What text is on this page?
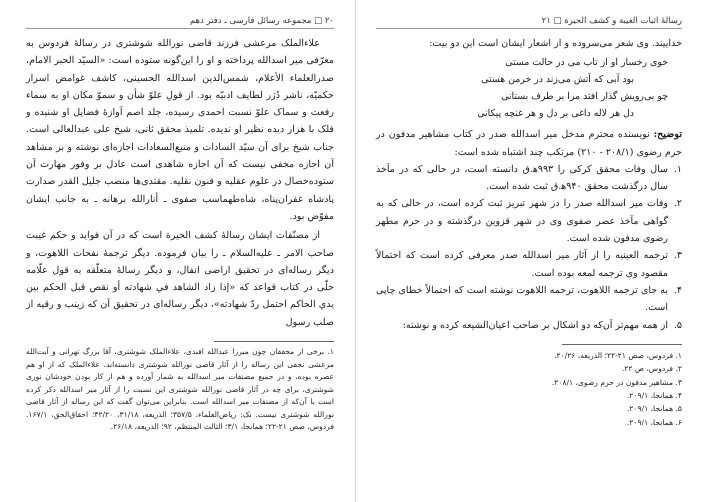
۲۰ □ مجموعه رسائل فارسی ـ دفتر دهم

علاءالملک مرعشی فرزند قاضی نورالله شوشتری در رسالهٔ فردوس به معرّفی میر اسدالله پرداخته و او را این‌گونه ستوده است: «السیّد الحبر الامام، صدرالعلماء الأعلام، شمس‌الدین اسدالله الحسینی، کاشف غوامض اسرار حکمیّه، ناشر دُرَر لطایف ادبیّه بود. از قولِ علوّ شأن و سموّ مکان او به سماء رفعت و سماک علوّ نسبت احمدی رسیده، جلد اصم آوازهٔ فضایل او شنیده و فلک با هزار دیده نظیر او ندیده. تلمیذ محقق ثانی، شیخ علی عبدالعالی است. جناب شیخ برای آن سیّد السادات و منبع‌السعادات اجازه‌ای نوشته و بر مشاهد آن اجازه مخفی نیست که آن اجازه شاهدی است عادل بر وفور مهارت آن ستوده‌خصال در علوم عقلیه و فنون نقلیه. مقتدی‌ها منصب جلیل القدر صدارت پادشاه غفران‌پناه، شاه‌طهماسب صفوی ـ أنارالله برهانه ـ به جانب ایشان مفوّض بود.

از مصنّفات ایشان رسالهٔ کشف الحیرة است که در آن فواید و حکم غیبت صاحب الامر ـ علیه‌السلام ـ را بیان فرموده. دیگر ترجمهٔ نفحات اللاهوت، و دیگر رساله‌ای در تحقیق اراضی انفال، و دیگر رسالهٔ متعلّقه به قول علّامه حلّی در کتاب قواعد که «إذا زاد الشاهد في شهادته أو نقص قبل الحكم بين يدي الحاكم احتمل ردّ شهادته»، دیگر رساله‌ای در تحقیق آن که زینب و رقیه از صلب رسول

۱. برخی از محققان چون میرزا عبدالله افندی، علاءالملک شوشتری، آقا بزرگ تهرانی و آیت‌الله مرعشی نجفی این رساله را از آثار قاضی نورالله شوشتری دانسته‌اند. علاءالملک که از او هم عصره بوده، و در جمیع مصنفات میر اسدالله به شمار آورده و هم از کار بودن خودشان نوری شوشتری، برای چه در آثار قاضی نورالله شوشتری این نسبت را از آثار میر اسدالله ذکر کرده است با آن‌که از مصنفات میر اسدالله است. بنابراین می‌توان گفت که این رساله از آثار قاضی نورالله شوشتری نیست. نک: ریاض‌العلماء، ۳۵۷/۵؛ الذریعه، ۳۱/۱۸، ۴۲/۲۰؛ احقاق‌الحق، ۱۶۷/۱. فردوس، صص ۲۱-۲۲؛ همانجا، ۳/۱؛ الثالث المنتظم، ۹۲؛ الذریعه، ۲۶/۱۸.
رسالهٔ اثبات الغیبة و کشف الحیرة □ ۲۱

خداییند. وی شعر می‌سروده و از اشعار ایشان است این دو بیت:

خوی رخسار او از تاب می در حالت مستی
بود آبی که آتش می‌زند در خرمن هستی
چو بی‌رویش گذار افتد مرا بر طرف بستانی
دل هر لاله داغی بر دل و هر غنچه پیکانی

توضیح: نویسنده محترم مدخل میر اسدالله صدر در کتاب مشاهیر مدفون در حرم رضوی (۲۰۸/۱ - ۲۱۰) مرتکب چند اشتباه شده است:

۱.
سال وفات محقق کرکی را ۹۹۳ه‍.ق دانسته است، در حالی که در مآخذ سال درگذشت محقق ۹۴۰ه‍.ق ثبت شده است.
۲.
وفات میر اسدالله صدر را در شهر تبریز ثبت کرده است، در حالی که به گواهی مآخذ عصر صفوی وی در شهر قزوین درگذشته و در حرم مطهر رضوی مدفون شده است.
۳.
ترجمه العینیه را از آثار میر اسدالله صدر معرفی کرده است که احتمالاً مقصود وی ترجمه لمعه بوده است.
۴.
به جای ترجمه اللاهوت، ترجمه اللاهوت نوشته است که احتمالاً خطای چاپی است.
۵.
از همه مهم‌تر آن‌که دو اشکال بر صاحب اعیان‌الشیعه کرده و نوشته:
۱. فردوس، صص ۲۱-۲۲؛ الذریعه، ۲۰/۲۶.
۲. فردوس، ص ۲۲.
۳. مشاهیر مدفون در حرم رضوی، ۲۰۸/۱.
۴. همانجا، ۲۰۹/۱.
۵. همانجا، ۲۰۹/۱.
۶. همانجا، ۲۰۹/۱.
